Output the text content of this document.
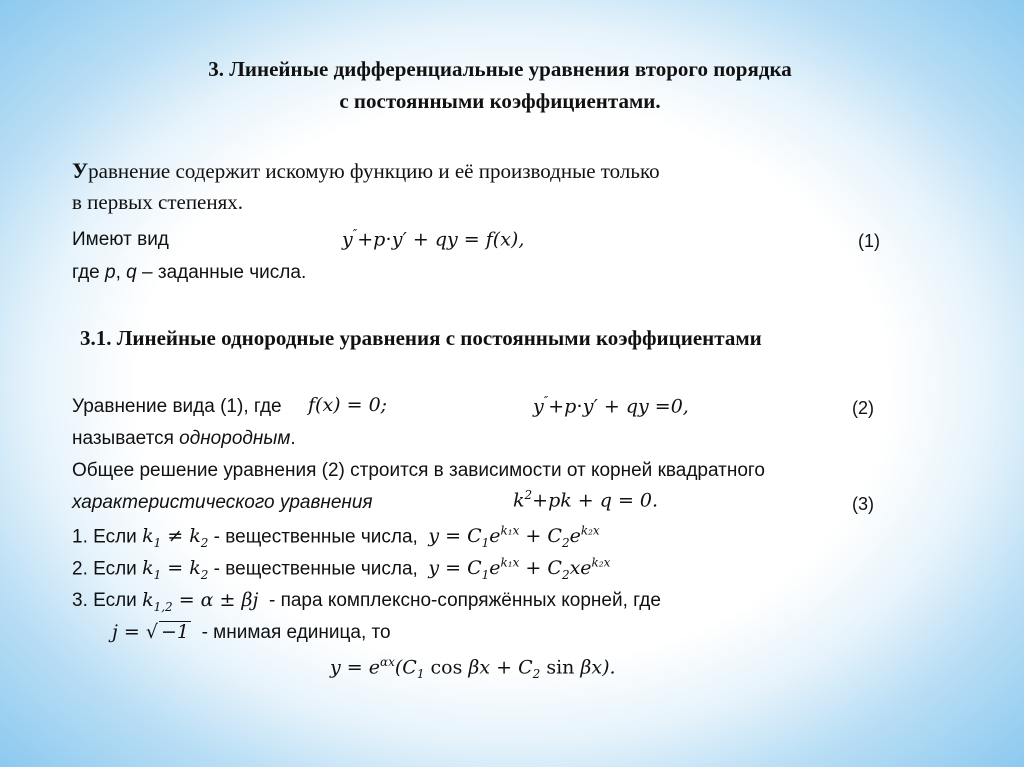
3. Линейные дифференциальные уравнения второго порядка
с постоянными коэффициентами.
Уравнение содержит искомую функцию и её производные только
в первых степенях.
Имеют вид	y″+p⋅y′ + qy = f(x),	(1)
где p, q – заданные числа.
3.1. Линейные однородные уравнения с постоянными коэффициентами
Уравнение вида (1), где f(x) = 0;	y″+p⋅y′ + qy =0,	(2)
называется однородным.
Общее решение уравнения (2) строится в зависимости от корней квадратного
характеристического уравнения	$k^2+pk + q = 0$.	(3)
1. Если $k_1 \ne k_2$ - вещественные числа, $y = C_1e^{k_1x} + C_2e^{k_2x}$
2. Если $k_1 = k_2$ - вещественные числа, $y = C_1e^{k_1x} + C_2xe^{k_2x}$
3. Если $k_{1,2} = \alpha \pm \beta j$ - пара комплексно-сопряжённых корней, где
j = √ −1 - мнимая единица, то
$y = e^{\alpha x}(C_1$ $\cos \beta x + C_2$ sin βx).
